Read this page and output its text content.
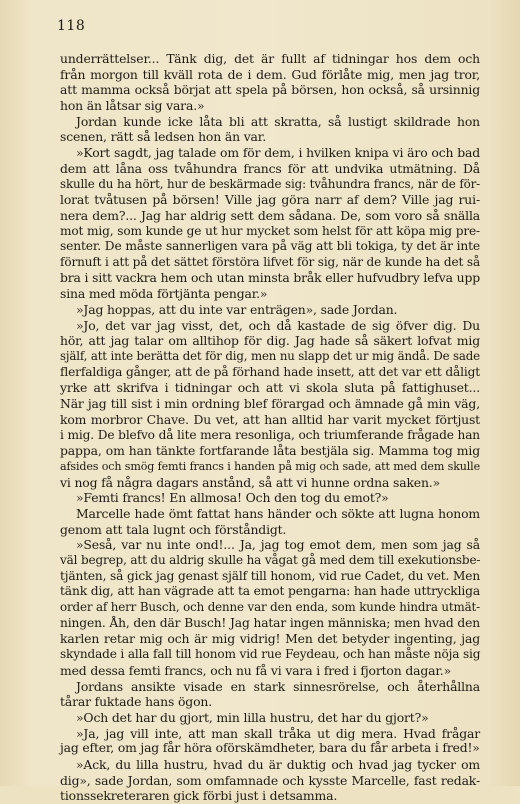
118
underrättelser... Tänk dig, det är fullt af tidningar hos dem och
från morgon till kväll rota de i dem. Gud förlåte mig, men jag tror,
att mamma också börjat att spela på börsen, hon också, så ursinnig
hon än låtsar sig vara.»
Jordan kunde icke låta bli att skratta, så lustigt skildrade hon
scenen, rätt så ledsen hon än var.
»Kort sagdt, jag talade om för dem, i hvilken knipa vi äro och bad
dem att låna oss tvåhundra francs för att undvika utmätning. Då
skulle du ha hört, hur de beskärmade sig: tvåhundra francs, när de för-
lorat tvåtusen på börsen! Ville jag göra narr af dem? Ville jag rui-
nera dem?... Jag har aldrig sett dem sådana. De, som voro så snälla
mot mig, som kunde ge ut hur mycket som helst för att köpa mig pre-
senter. De måste sannerligen vara på väg att bli tokiga, ty det är inte
förnuft i att på det sättet förstöra lifvet för sig, när de kunde ha det så
bra i sitt vackra hem och utan minsta bråk eller hufvudbry lefva upp
sina med möda förtjänta pengar.»
»Jag hoppas, att du inte var enträgen», sade Jordan.
»Jo, det var jag visst, det, och då kastade de sig öfver dig. Du
hör, att jag talar om alltihop för dig. Jag hade så säkert lofvat mig
själf, att inte berätta det för dig, men nu slapp det ur mig ändå. De sade
flerfaldiga gånger, att de på förhand hade insett, att det var ett dåligt
yrke att skrifva i tidningar och att vi skola sluta på fattighuset...
När jag till sist i min ordning blef förargad och ämnade gå min väg,
kom morbror Chave. Du vet, att han alltid har varit mycket förtjust
i mig. De blefvo då lite mera resonliga, och triumferande frågade han
pappa, om han tänkte fortfarande låta bestjäla sig. Mamma tog mig
afsides och smög femti francs i handen på mig och sade, att med dem skulle
vi nog få några dagars anstånd, så att vi hunne ordna saken.»
»Femti francs! En allmosa! Och den tog du emot?»
Marcelle hade ömt fattat hans händer och sökte att lugna honom
genom att tala lugnt och förståndigt.
»Seså, var nu inte ond!... Ja, jag tog emot dem, men som jag så
väl begrep, att du aldrig skulle ha vågat gå med dem till exekutionsbe-
tjänten, så gick jag genast själf till honom, vid rue Cadet, du vet. Men
tänk dig, att han vägrade att ta emot pengarna: han hade uttryckliga
order af herr Busch, och denne var den enda, som kunde hindra utmät-
ningen. Åh, den där Busch! Jag hatar ingen människa; men hvad den
karlen retar mig och är mig vidrig! Men det betyder ingenting, jag
skyndade i alla fall till honom vid rue Feydeau, och han måste nöja sig
med dessa femti francs, och nu få vi vara i fred i fjorton dagar.»
Jordans ansikte visade en stark sinnesrörelse, och återhållna
tårar fuktade hans ögon.
»Och det har du gjort, min lilla hustru, det har du gjort?»
»Ja, jag vill inte, att man skall tråka ut dig mera. Hvad frågar
jag efter, om jag får höra oförskämdheter, bara du får arbeta i fred!»
»Ack, du lilla hustru, hvad du är duktig och hvad jag tycker om
dig», sade Jordan, som omfamnade och kysste Marcelle, fast redak-
tionssekreteraren gick förbi just i detsamma.
